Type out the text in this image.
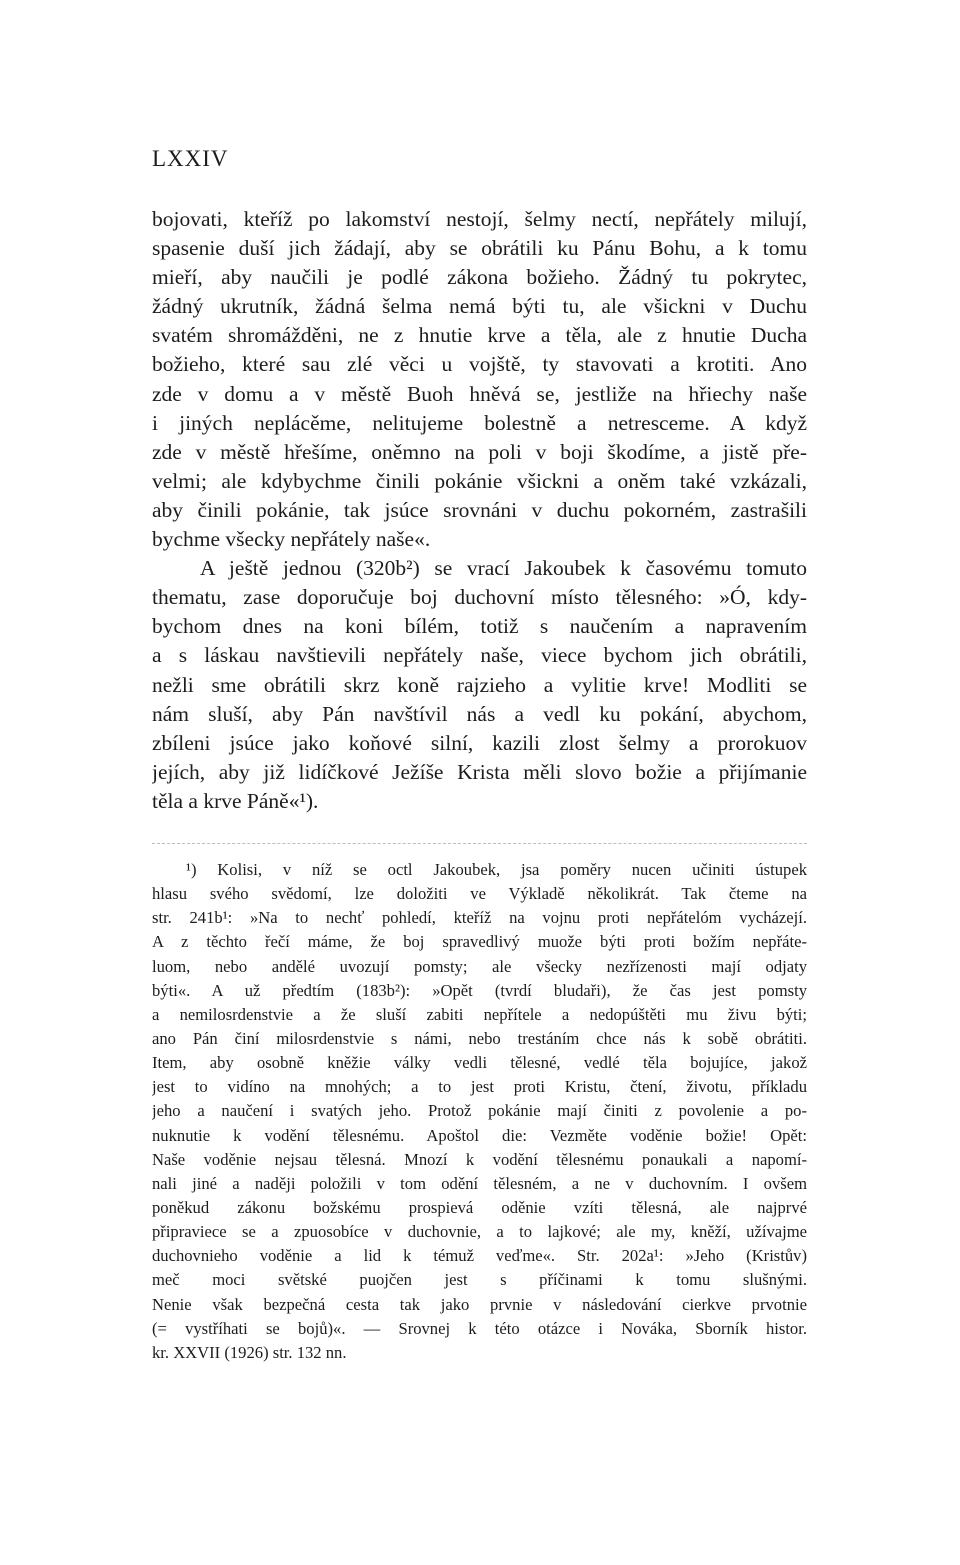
LXXIV
bojovati, kteříž po lakomství nestojí, šelmy nectí, nepřátely milují,
spasenie duší jich žádají, aby se obrátili ku Pánu Bohu, a k tomu
mieří, aby naučili je podlé zákona božieho. Žádný tu pokrytec,
žádný ukrutník, žádná šelma nemá býti tu, ale všickni v Duchu
svatém shromážděni, ne z hnutie krve a těla, ale z hnutie Ducha
božieho, které sau zlé věci u vojště, ty stavovati a krotiti. Ano
zde v domu a v městě Buoh hněvá se, jestliže na hřiechy naše
i jiných neplácěme, nelitujeme bolestně a netresceme. A když
zde v městě hřešíme, oněmno na poli v boji škodíme, a jistě pře-
velmi; ale kdybychme činili pokánie všickni a oněm také vzkázali,
aby činili pokánie, tak jsúce srovnáni v duchu pokorném, zastrašili
bychme všecky nepřátely naše«.
A ještě jednou (320b²) se vrací Jakoubek k časovému tomuto
thematu, zase doporučuje boj duchovní místo tělesného: »Ó, kdy-
bychom dnes na koni bílém, totiž s naučením a napravením
a s láskau navštievili nepřátely naše, viece bychom jich obrátili,
nežli sme obrátili skrz koně rajzieho a vylitie krve! Modliti se
nám sluší, aby Pán navštívil nás a vedl ku pokání, abychom,
zbíleni jsúce jako koňové silní, kazili zlost šelmy a prorokuov
jejích, aby již lidíčkové Ježíše Krista měli slovo božie a přijímanie
těla a krve Páně«¹).
¹) Kolisi, v níž se octl Jakoubek, jsa poměry nucen učiniti ústupek
hlasu svého svědomí, lze doložiti ve Výkladě několikrát. Tak čteme na
str. 241b¹: »Na to nechť pohledí, kteříž na vojnu proti nepřátelóm vycházejí.
A z těchto řečí máme, že boj spravedlivý muože býti proti božím nepřáte-
luom, nebo andělé uvozují pomsty; ale všecky nezřízenosti mají odjaty
býti«. A už předtím (183b²): »Opět (tvrdí bludaři), že čas jest pomsty
a nemilosrdenstvie a že sluší zabiti nepřítele a nedopúštěti mu živu býti;
ano Pán činí milosrdenstvie s námi, nebo trestáním chce nás k sobě obrátiti.
Item, aby osobně kněžie války vedli tělesné, vedlé těla bojujíce, jakož
jest to vidíno na mnohých; a to jest proti Kristu, čtení, životu, příkladu
jeho a naučení i svatých jeho. Protož pokánie mají činiti z povolenie a po-
nuknutie k vodění tělesnému. Apoštol die: Vezměte voděnie božie! Opět:
Naše voděnie nejsau tělesná. Mnozí k vodění tělesnému ponaukali a napomí-
nali jiné a naději položili v tom odění tělesném, a ne v duchovním. I ovšem
poněkud zákonu božskému prospievá oděnie vzíti tělesná, ale najprvé
připraviece se a zpuosobíce v duchovnie, a to lajkové; ale my, kněží, užívajme
duchovnieho voděnie a lid k témuž veďme«. Str. 202a¹: »Jeho (Kristův)
meč moci světské puojčen jest s příčinami k tomu slušnými.
Nenie však bezpečná cesta tak jako prvnie v následování cierkve prvotnie
(= vystříhati se bojů)«. — Srovnej k této otázce i Nováka, Sborník histor.
kr. XXVII (1926) str. 132 nn.
